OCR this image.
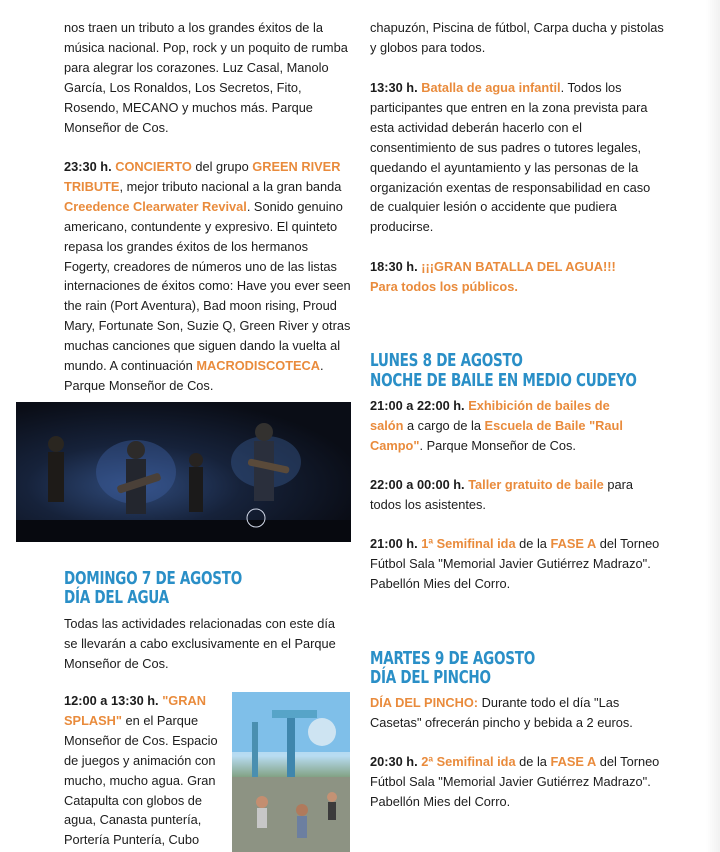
nos traen un tributo a los grandes éxitos de la música nacional. Pop, rock y un poquito de rumba para alegrar los corazones. Luz Casal, Manolo García, Los Ronaldos, Los Secretos, Fito, Rosendo, MECANO y muchos más. Parque Monseñor de Cos.

23:30 h. CONCIERTO del grupo GREEN RIVER TRIBUTE, mejor tributo nacional a la gran banda Creedence Clearwater Revival. Sonido genuino americano, contundente y expresivo. El quinteto repasa los grandes éxitos de los hermanos Fogerty, creadores de números uno de las listas internaciones de éxitos como: Have you ever seen the rain (Port Aventura), Bad moon rising, Proud Mary, Fortunate Son, Suzie Q, Green River y otras muchas canciones que siguen dando la vuelta al mundo. A continuación MACRODISCOTECA. Parque Monseñor de Cos.

DOMINGO 7 DE AGOSTO
DÍA DEL AGUA

Todas las actividades relacionadas con este día se llevarán a cabo exclusivamente en el Parque Monseñor de Cos.

12:00 a 13:30 h. "GRAN SPLASH" en el Parque Monseñor de Cos. Espacio de juegos y animación con mucho, mucho agua. Gran Catapulta con globos de agua, Canasta puntería, Portería Puntería, Cubo

chapuzón, Piscina de fútbol, Carpa ducha y pistolas y globos para todos.

13:30 h. Batalla de agua infantil. Todos los participantes que entren en la zona prevista para esta actividad deberán hacerlo con el consentimiento de sus padres o tutores legales, quedando el ayuntamiento y las personas de la organización exentas de responsabilidad en caso de cualquier lesión o accidente que pudiera producirse.

18:30 h. ¡¡¡GRAN BATALLA DEL AGUA!!! Para todos los públicos.

LUNES 8 DE AGOSTO
NOCHE DE BAILE EN MEDIO CUDEYO

21:00 a 22:00 h. Exhibición de bailes de salón a cargo de la Escuela de Baile "Raul Campo". Parque Monseñor de Cos.

22:00 a 00:00 h. Taller gratuito de baile para todos los asistentes.

21:00 h. 1ª Semifinal ida de la FASE A del Torneo Fútbol Sala "Memorial Javier Gutiérrez Madrazo". Pabellón Mies del Corro.

MARTES 9 DE AGOSTO
DÍA DEL PINCHO

DÍA DEL PINCHO: Durante todo el día "Las Casetas" ofrecerán pincho y bebida a 2 euros.

20:30 h. 2ª Semifinal ida de la FASE A del Torneo Fútbol Sala "Memorial Javier Gutiérrez Madrazo". Pabellón Mies del Corro.
